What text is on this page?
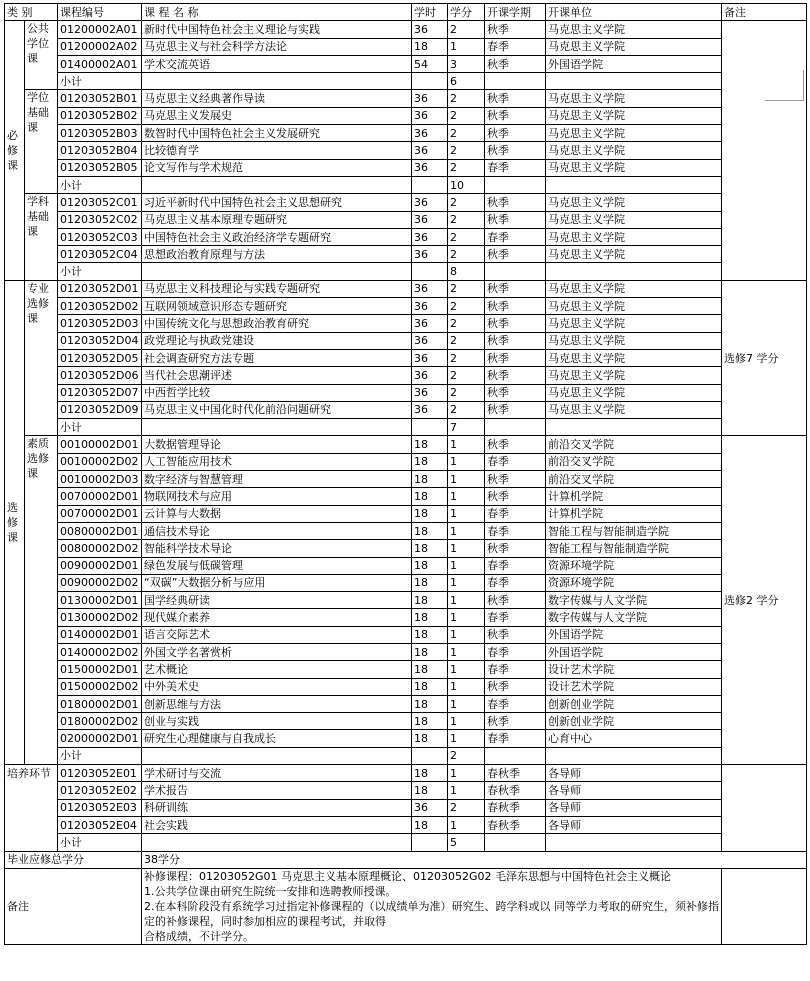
类 别		课程编号	课 程 名 称	学时	学分	开课学期	开课单位	备注
必修课	公共学位课	01200002A01	新时代中国特色社会主义理论与实践	36	2	秋季	马克思主义学院	
		01200002A02	马克思主义与社会科学方法论	18	1	春季	马克思主义学院	
		01400002A01	学术交流英语	54	3	秋季	外国语学院	
		小计			6			
	学位基础课	01203052B01	马克思主义经典著作导读	36	2	秋季	马克思主义学院	
		01203052B02	马克思主义发展史	36	2	秋季	马克思主义学院	
		01203052B03	数智时代中国特色社会主义发展研究	36	2	秋季	马克思主义学院	
		01203052B04	比较德育学	36	2	秋季	马克思主义学院	
		01203052B05	论文写作与学术规范	36	2	春季	马克思主义学院	
		小计			10			
	学科基础课	01203052C01	习近平新时代中国特色社会主义思想研究	36	2	秋季	马克思主义学院	
		01203052C02	马克思主义基本原理专题研究	36	2	秋季	马克思主义学院	
		01203052C03	中国特色社会主义政治经济学专题研究	36	2	春季	马克思主义学院	
		01203052C04	思想政治教育原理与方法	36	2	秋季	马克思主义学院	
		小计			8			
选修课	专业选修课	01203052D01	马克思主义科技理论与实践专题研究	36	2	秋季	马克思主义学院	选修7 学分
		01203052D02	互联网领域意识形态专题研究	36	2	秋季	马克思主义学院	
		01203052D03	中国传统文化与思想政治教育研究	36	2	秋季	马克思主义学院	
		01203052D04	政党理论与执政党建设	36	2	秋季	马克思主义学院	
		01203052D05	社会调查研究方法专题	36	2	秋季	马克思主义学院	
		01203052D06	当代社会思潮评述	36	2	秋季	马克思主义学院	
		01203052D07	中西哲学比较	36	2	秋季	马克思主义学院	
		01203052D09	马克思主义中国化时代化前沿问题研究	36	2	秋季	马克思主义学院	
		小计			7			
	素质选修课	00100002D01	大数据管理导论	18	1	秋季	前沿交叉学院	选修2 学分
		00100002D02	人工智能应用技术	18	1	春季	前沿交叉学院	
		00100002D03	数字经济与智慧管理	18	1	秋季	前沿交叉学院	
		00700002D01	物联网技术与应用	18	1	秋季	计算机学院	
		00700002D01	云计算与大数据	18	1	春季	计算机学院	
		00800002D01	通信技术导论	18	1	春季	智能工程与智能制造学院	
		00800002D02	智能科学技术导论	18	1	秋季	智能工程与智能制造学院	
		00900002D01	绿色发展与低碳管理	18	1	春季	资源环境学院	
		00900002D02	“双碳”大数据分析与应用	18	1	春季	资源环境学院	
		01300002D01	国学经典研读	18	1	秋季	数字传媒与人文学院	
		01300002D02	现代媒介素养	18	1	春季	数字传媒与人文学院	
		01400002D01	语言交际艺术	18	1	秋季	外国语学院	
		01400002D02	外国文学名著赏析	18	1	春季	外国语学院	
		01500002D01	艺术概论	18	1	春季	设计艺术学院	
		01500002D02	中外美术史	18	1	秋季	设计艺术学院	
		01800002D01	创新思维与方法	18	1	春季	创新创业学院	
		01800002D02	创业与实践	18	1	秋季	创新创业学院	
		02000002D01	研究生心理健康与自我成长	18	1	春季	心育中心	
		小计			2			
培养环节		01203052E01	学术研讨与交流	18	1	春秋季	各导师	
		01203052E02	学术报告	18	1	春秋季	各导师	
		01203052E03	科研训练	36	2	春秋季	各导师	
		01203052E04	社会实践	18	1	春秋季	各导师	
		小计			5			
毕业应修总学分			38学分					
备注			补修课程：01203052G01 马克思主义基本原理概论、01203052G02 毛泽东思想与中国特色社会主义概论

1.公共学位课由研究生院统一安排和选聘教师授课。

2.在本科阶段没有系统学习过指定补修课程的（以成绩单为准）研究生、跨学科或以 同等学力考取的研究生，须补修指定的补修课程，同时参加相应的课程考试，并取得

合格成绩，不计学分。					
